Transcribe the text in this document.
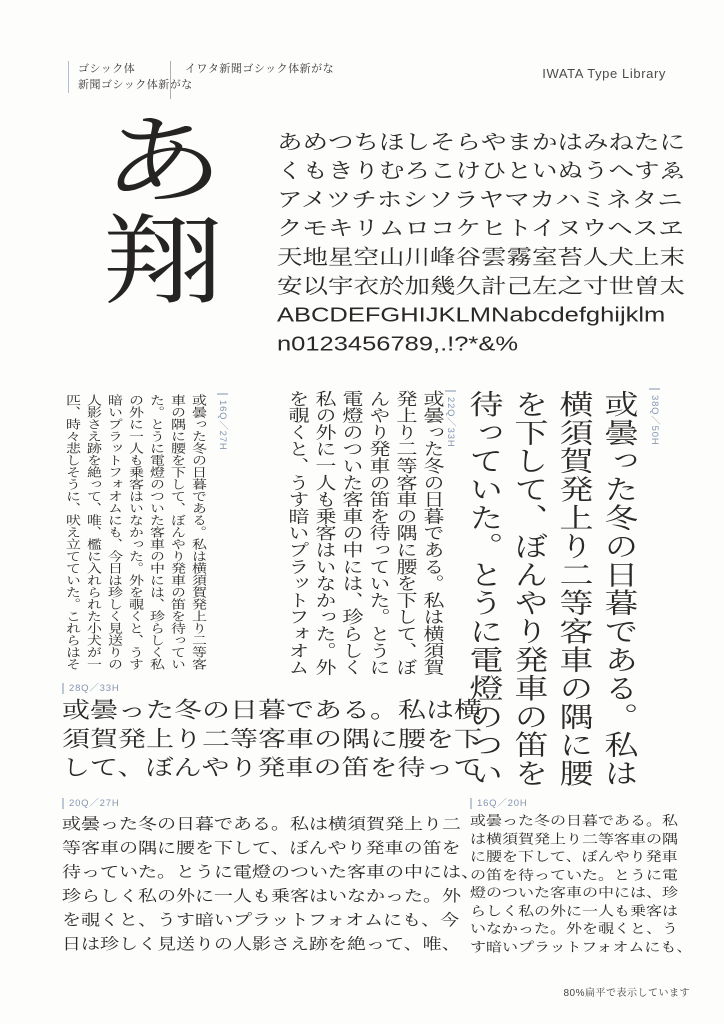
ゴシック体
新聞ゴシック体新がな
イワタ新聞ゴシック体新がな	IWATA Type Library
あ
翔
あめつちほしそらやまかはみねたに
くもきりむろこけひといぬうへすゑ
アメツチホシソラヤマカハミネタニ
クモキリムロコケヒトイヌウヘスヱ
天地星空山川峰谷雲霧室苔人犬上末
安以宇衣於加幾久計己左之寸世曽太
ABCDEFGHIJKLMNabcdefghijklm
n0123456789,.!?*&%
38Q／50H
或曇った冬の日暮である。私は
横須賀発上り二等客車の隅に腰
を下して、ぼんやり発車の笛を
待っていた。とうに電燈のつい
22Q／33H
或曇った冬の日暮である。私は横須賀
発上り二等客車の隅に腰を下して、ぼ
んやり発車の笛を待っていた。とうに
電燈のついた客車の中には、珍らしく
私の外に一人も乗客はいなかった。外
を覗くと、うす暗いプラットフォオム
16Q／27H
或曇った冬の日暮である。私は横須賀発上り二等客
車の隅に腰を下して、ぼんやり発車の笛を待ってい
た。とうに電燈のついた客車の中には、珍らしく私
の外に一人も乗客はいなかった。外を覗くと、うす
暗いプラットフォオムにも、今日は珍しく見送りの
人影さえ跡を絶って、唯、檻に入れられた小犬が一
匹、時々悲しそうに、吠え立てていた。これらはそ
28Q／33H
或曇った冬の日暮である。私は横
須賀発上り二等客車の隅に腰を下
して、ぼんやり発車の笛を待って
20Q／27H
或曇った冬の日暮である。私は横須賀発上り二
等客車の隅に腰を下して、ぼんやり発車の笛を
待っていた。とうに電燈のついた客車の中には、
珍らしく私の外に一人も乗客はいなかった。外
を覗くと、うす暗いプラットフォオムにも、今
日は珍しく見送りの人影さえ跡を絶って、唯、
16Q／20H
或曇った冬の日暮である。私
は横須賀発上り二等客車の隅
に腰を下して、ぼんやり発車
の笛を待っていた。とうに電
燈のついた客車の中には、珍
らしく私の外に一人も乗客は
いなかった。外を覗くと、う
す暗いプラットフォオムにも、
80%扁平で表示しています
